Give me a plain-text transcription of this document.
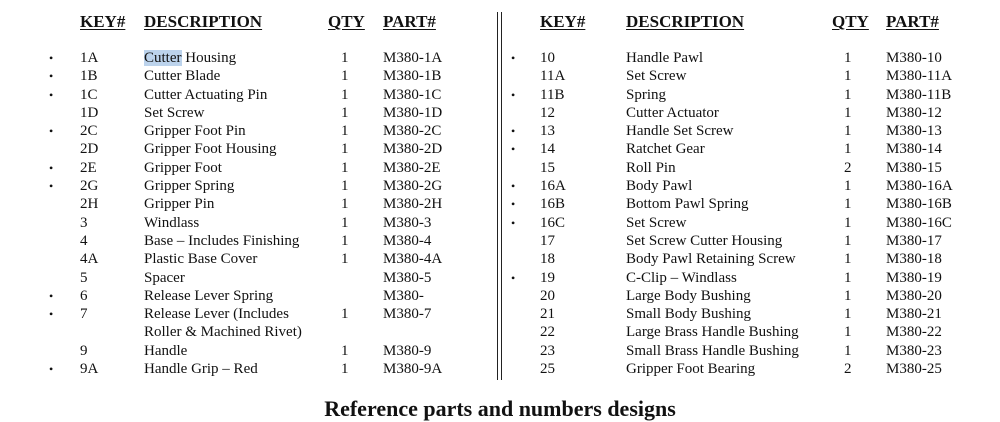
KEY# DESCRIPTION	QTY PART#
• 1A	Cutter Housing	1 M380-1A
• 1B	Cutter Blade	1 M380-1B
• 1C	Cutter Actuating Pin	1 M380-1C
1D	Set Screw	1 M380-1D
• 2C	Gripper Foot Pin	1 M380-2C
2D	Gripper Foot Housing	1 M380-2D
• 2E	Gripper Foot	1 M380-2E
• 2G	Gripper Spring	1 M380-2G
2H	Gripper Pin	1 M380-2H
3	Windlass	1 M380-3
4	Base – Includes Finishing	1 M380-4
4A	Plastic Base Cover	1 M380-4A
5	Spacer	M380-5
• 6	Release Lever Spring	M380-
• 7	Release Lever (Includes	1 M380-7
Roller & Machined Rivet)
9	Handle	1 M380-9
• 9A	Handle Grip – Red	1 M380-9A
KEY# DESCRIPTION	QTY PART#
• 10	Handle Pawl	1 M380-10
11A	Set Screw	1 M380-11A
• 11B	Spring	1 M380-11B
12	Cutter Actuator	1 M380-12
• 13	Handle Set Screw	1 M380-13
• 14	Ratchet Gear	1 M380-14
15	Roll Pin	2 M380-15
• 16A	Body Pawl	1 M380-16A
• 16B	Bottom Pawl Spring	1 M380-16B
• 16C	Set Screw	1 M380-16C
17	Set Screw Cutter Housing	1 M380-17
18	Body Pawl Retaining Screw	1 M380-18
• 19	C-Clip – Windlass	1 M380-19
20	Large Body Bushing	1 M380-20
21	Small Body Bushing	1 M380-21
22	Large Brass Handle Bushing	1 M380-22
23	Small Brass Handle Bushing	1 M380-23
25	Gripper Foot Bearing	2 M380-25
Reference parts and numbers designs
